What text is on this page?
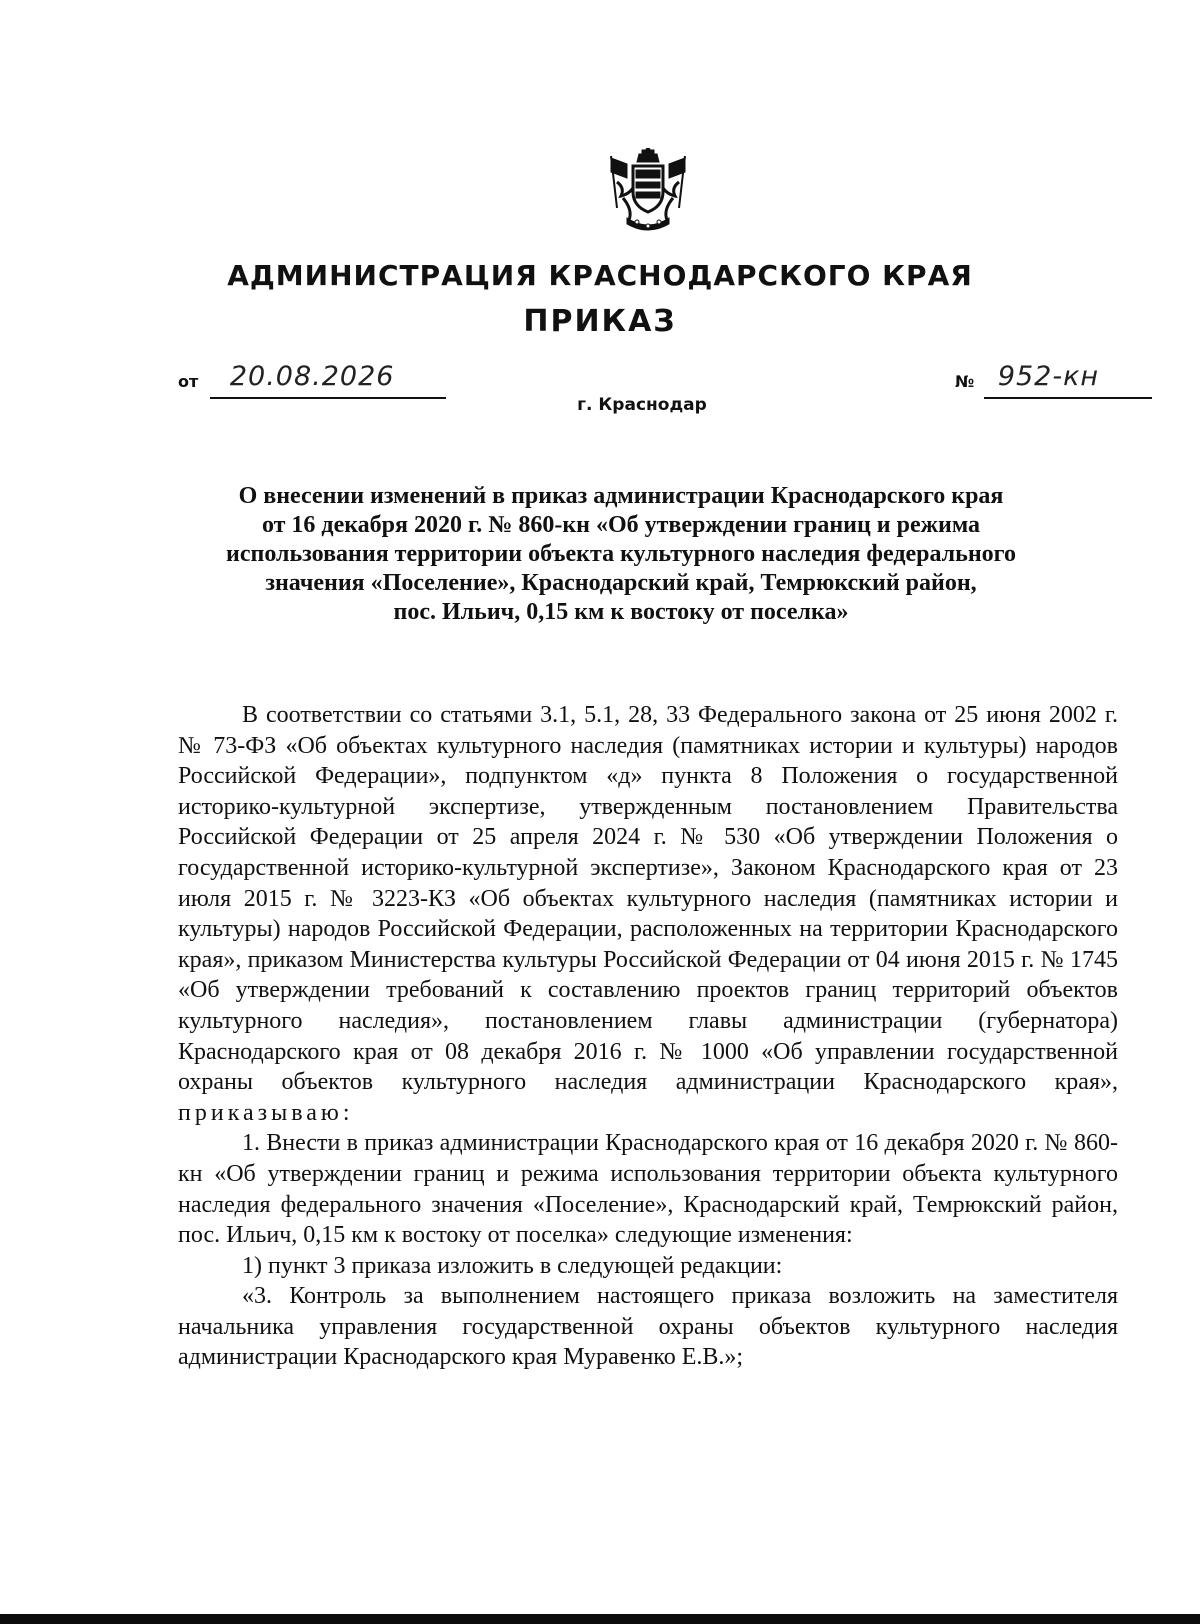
АДМИНИСТРАЦИЯ КРАСНОДАРСКОГО КРАЯ
ПРИКАЗ
от 20.08.2026	№ 952-кн
г. Краснодар
О внесении изменений в приказ администрации Краснодарского края
от 16 декабря 2020 г. № 860-кн «Об утверждении границ и режима
использования территории объекта культурного наследия федерального
значения «Поселение», Краснодарский край, Темрюкский район,
пос. Ильич, 0,15 км к востоку от поселка»

В соответствии со статьями 3.1, 5.1, 28, 33 Федерального закона от 25 июня 2002 г. № 73-ФЗ «Об объектах культурного наследия (памятниках истории и культуры) народов Российской Федерации», подпунктом «д» пункта 8 Положения о государственной историко-культурной экспертизе, утвержденным постановлением Правительства Российской Федерации от 25 апреля 2024 г. № 530 «Об утверждении Положения о государственной историко-культурной экспертизе», Законом Краснодарского края от 23 июля 2015 г. № 3223-КЗ «Об объектах культурного наследия (памятниках истории и культуры) народов Российской Федерации, расположенных на территории Краснодарского края», приказом Министерства культуры Российской Федерации от 04 июня 2015 г. № 1745 «Об утверждении требований к составлению проектов границ территорий объектов культурного наследия», постановлением главы администрации (губернатора) Краснодарского края от 08 декабря 2016 г. № 1000 «Об управлении государственной охраны объектов культурного наследия администрации Краснодарского края», приказываю:

1. Внести в приказ администрации Краснодарского края от 16 декабря 2020 г. № 860-кн «Об утверждении границ и режима использования территории объекта культурного наследия федерального значения «Поселение», Краснодарский край, Темрюкский район, пос. Ильич, 0,15 км к востоку от поселка» следующие изменения:

1) пункт 3 приказа изложить в следующей редакции:

«3. Контроль за выполнением настоящего приказа возложить на заместителя начальника управления государственной охраны объектов культурного наследия администрации Краснодарского края Муравенко Е.В.»;
